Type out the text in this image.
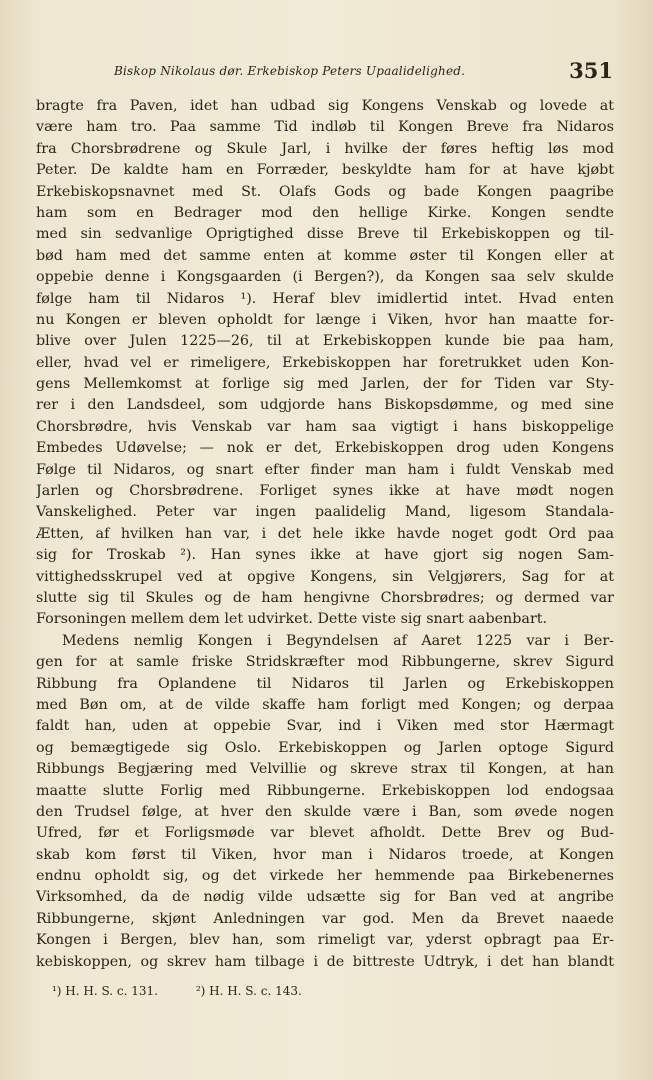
Biskop Nikolaus dør. Erkebiskop Peters Upaalidelighed.	351
bragte fra Paven, idet han udbad sig Kongens Venskab og lovede at
være ham tro. Paa samme Tid indløb til Kongen Breve fra Nidaros
fra Chorsbrødrene og Skule Jarl, i hvilke der føres heftig løs mod
Peter. De kaldte ham en Forræder, beskyldte ham for at have kjøbt
Erkebiskopsnavnet med St. Olafs Gods og bade Kongen paagribe
ham som en Bedrager mod den hellige Kirke. Kongen sendte
med sin sedvanlige Oprigtighed disse Breve til Erkebiskoppen og til-
bød ham med det samme enten at komme øster til Kongen eller at
oppebie denne i Kongsgaarden (i Bergen?), da Kongen saa selv skulde
følge ham til Nidaros ¹). Heraf blev imidlertid intet. Hvad enten
nu Kongen er bleven opholdt for længe i Viken, hvor han maatte for-
blive over Julen 1225—26, til at Erkebiskoppen kunde bie paa ham,
eller, hvad vel er rimeligere, Erkebiskoppen har foretrukket uden Kon-
gens Mellemkomst at forlige sig med Jarlen, der for Tiden var Sty-
rer i den Landsdeel, som udgjorde hans Biskopsdømme, og med sine
Chorsbrødre, hvis Venskab var ham saa vigtigt i hans biskoppelige
Embedes Udøvelse; — nok er det, Erkebiskoppen drog uden Kongens
Følge til Nidaros, og snart efter finder man ham i fuldt Venskab med
Jarlen og Chorsbrødrene. Forliget synes ikke at have mødt nogen
Vanskelighed. Peter var ingen paalidelig Mand, ligesom Standala-
Ætten, af hvilken han var, i det hele ikke havde noget godt Ord paa
sig for Troskab ²). Han synes ikke at have gjort sig nogen Sam-
vittighedsskrupel ved at opgive Kongens, sin Velgjørers, Sag for at
slutte sig til Skules og de ham hengivne Chorsbrødres; og dermed var
Forsoningen mellem dem let udvirket. Dette viste sig snart aabenbart.
Medens nemlig Kongen i Begyndelsen af Aaret 1225 var i Ber-
gen for at samle friske Stridskræfter mod Ribbungerne, skrev Sigurd
Ribbung fra Oplandene til Nidaros til Jarlen og Erkebiskoppen
med Bøn om, at de vilde skaffe ham forligt med Kongen; og derpaa
faldt han, uden at oppebie Svar, ind i Viken med stor Hærmagt
og bemægtigede sig Oslo. Erkebiskoppen og Jarlen optoge Sigurd
Ribbungs Begjæring med Velvillie og skreve strax til Kongen, at han
maatte slutte Forlig med Ribbungerne. Erkebiskoppen lod endogsaa
den Trudsel følge, at hver den skulde være i Ban, som øvede nogen
Ufred, før et Forligsmøde var blevet afholdt. Dette Brev og Bud-
skab kom først til Viken, hvor man i Nidaros troede, at Kongen
endnu opholdt sig, og det virkede her hemmende paa Birkebenernes
Virksomhed, da de nødig vilde udsætte sig for Ban ved at angribe
Ribbungerne, skjønt Anledningen var god. Men da Brevet naaede
Kongen i Bergen, blev han, som rimeligt var, yderst opbragt paa Er-
kebiskoppen, og skrev ham tilbage i de bittreste Udtryk, i det han blandt
¹) H. H. S. c. 131.	²) H. H. S. c. 143.
